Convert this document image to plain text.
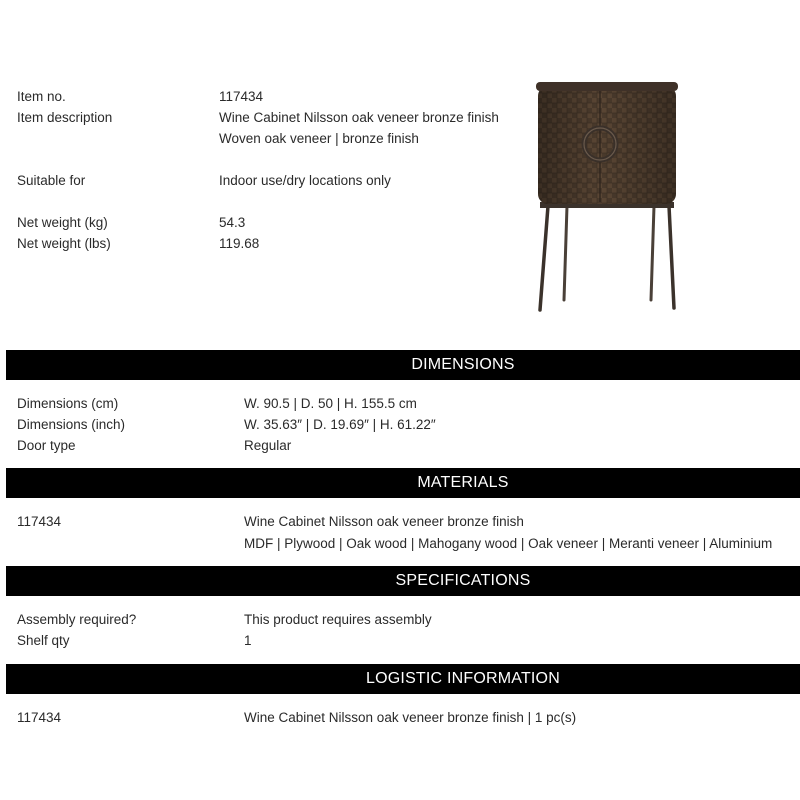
Item no.	117434
Item description	Wine Cabinet Nilsson oak veneer bronze finish
Woven oak veneer | bronze finish
Suitable for	Indoor use/dry locations only
Net weight (kg)	54.3
Net weight (lbs)	119.68
DIMENSIONS
Dimensions (cm)	W. 90.5 | D. 50 | H. 155.5 cm
Dimensions (inch)	W. 35.63″ | D. 19.69″ | H. 61.22″
Door type	Regular
MATERIALS
117434	Wine Cabinet Nilsson oak veneer bronze finish
MDF | Plywood | Oak wood | Mahogany wood | Oak veneer | Meranti veneer | Aluminium
SPECIFICATIONS
Assembly required?	This product requires assembly
Shelf qty	1
LOGISTIC INFORMATION
117434	Wine Cabinet Nilsson oak veneer bronze finish | 1 pc(s)
